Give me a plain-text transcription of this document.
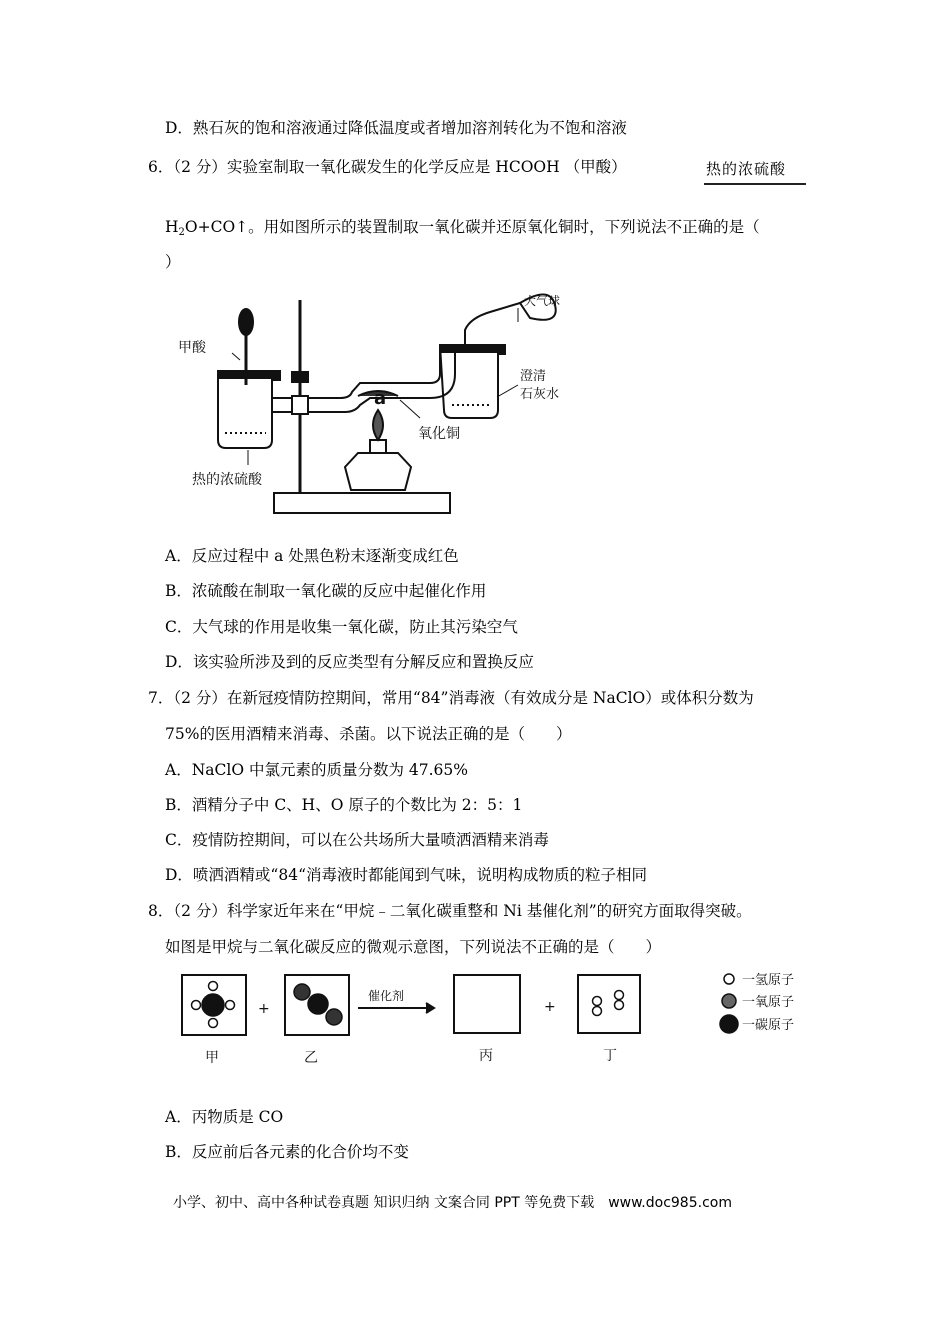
D．熟石灰的饱和溶液通过降低温度或者增加溶剂转化为不饱和溶液
6．（2 分）实验室制取一氧化碳发生的化学反应是 HCOOH （甲酸）	热的浓硫酸
$H_2O+CO↑$。用如图所示的装置制取一氧化碳并还原氧化铜时，下列说法不正确的是（
）
甲酸
大气球
澄清
石灰水
a
氧化铜
热的浓硫酸
A．反应过程中 a 处黑色粉末逐渐变成红色
B．浓硫酸在制取一氧化碳的反应中起催化作用
C．大气球的作用是收集一氧化碳，防止其污染空气
D．该实验所涉及到的反应类型有分解反应和置换反应
7．（2 分）在新冠疫情防控期间，常用“84”消毒液（有效成分是 NaClO）或体积分数为
75%的医用酒精来消毒、杀菌。以下说法正确的是（　　）
A．NaClO 中氯元素的质量分数为 47.65%
B．酒精分子中 C、H、O 原子的个数比为 2：5：1
C．疫情防控期间，可以在公共场所大量喷洒酒精来消毒
D．喷洒酒精或“84“消毒液时都能闻到气味，说明构成物质的粒子相同
8．（2 分）科学家近年来在“甲烷﹣二氧化碳重整和 Ni 基催化剂”的研究方面取得突破。
如图是甲烷与二氧化碳反应的微观示意图，下列说法不正确的是（　　）
+	+
催化剂
甲	乙	丙	丁
一氢原子
一氧原子
一碳原子
A．丙物质是 CO
B．反应前后各元素的化合价均不变
小学、初中、高中各种试卷真题 知识归纳 文案合同 PPT 等免费下载　www.doc985.com
